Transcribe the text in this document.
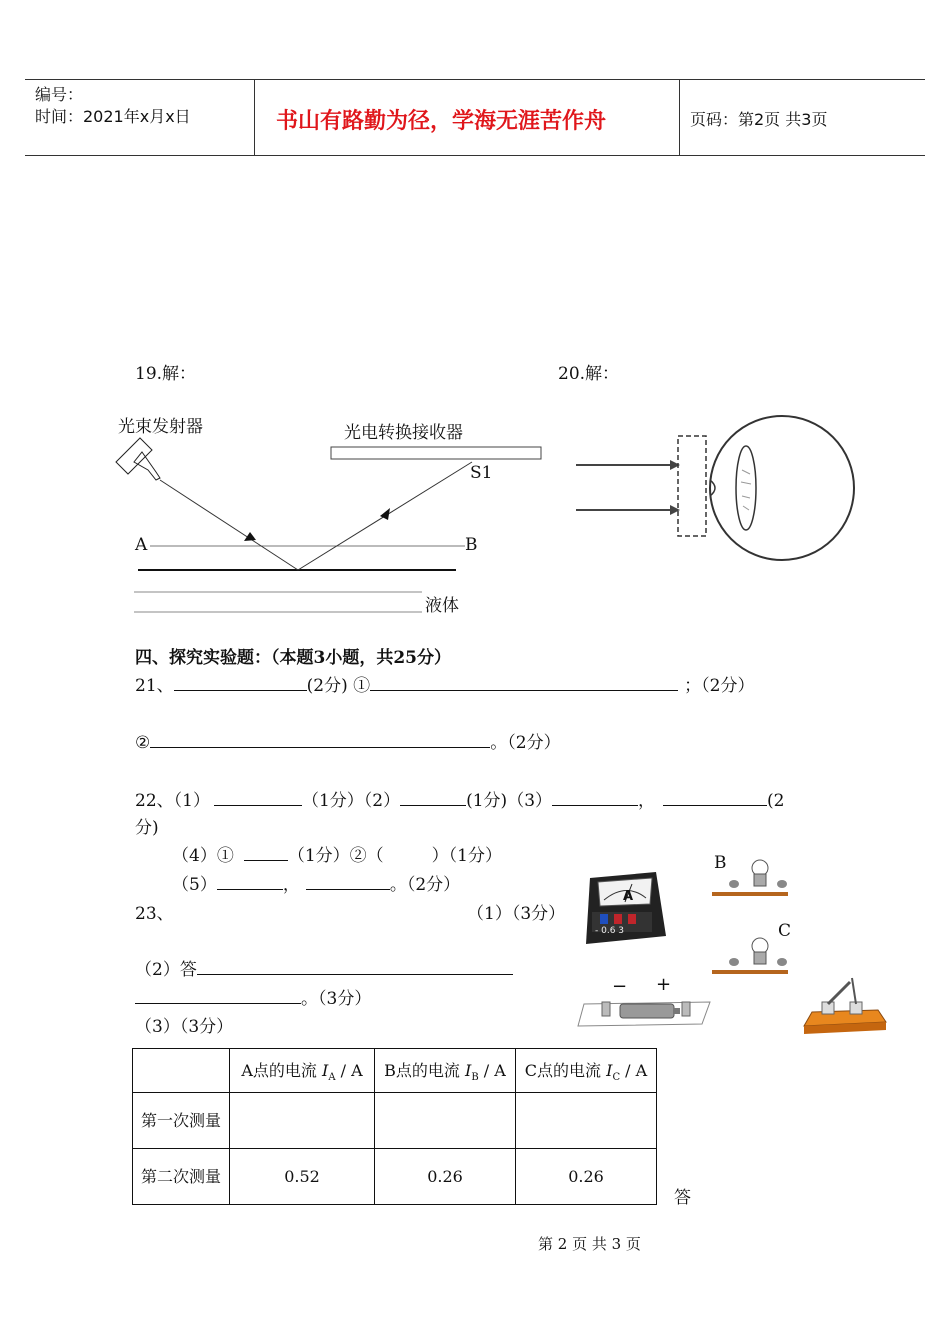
编号：
时间：2021年x月x日	书山有路勤为径，学海无涯苦作舟	页码：第2页 共3页
19.解：	20.解：
光束发射器	光电转换接收器
S1
A	B
液体
四、探究实验题：（本题3小题，共25分）
21、	(2分) ①	；（2分）
②	。（2分）
22、（1）	（1分）（2）	(1分)（3）	，	(2
分)
（4）①	（1分）②（	）（1分）
（5）	，	。（2分）
23、	（1）（3分）
（2）答
。（3分）
（3）（3分）
A
- 0.6 3
B
C
− +
	A点的电流 $I_A$ / A	B点的电流 $I_B$ / A	C点的电流 $I_C$ / A
第一次测量			
第二次测量	0.52	0.26	0.26
答
第 2 页 共 3 页
